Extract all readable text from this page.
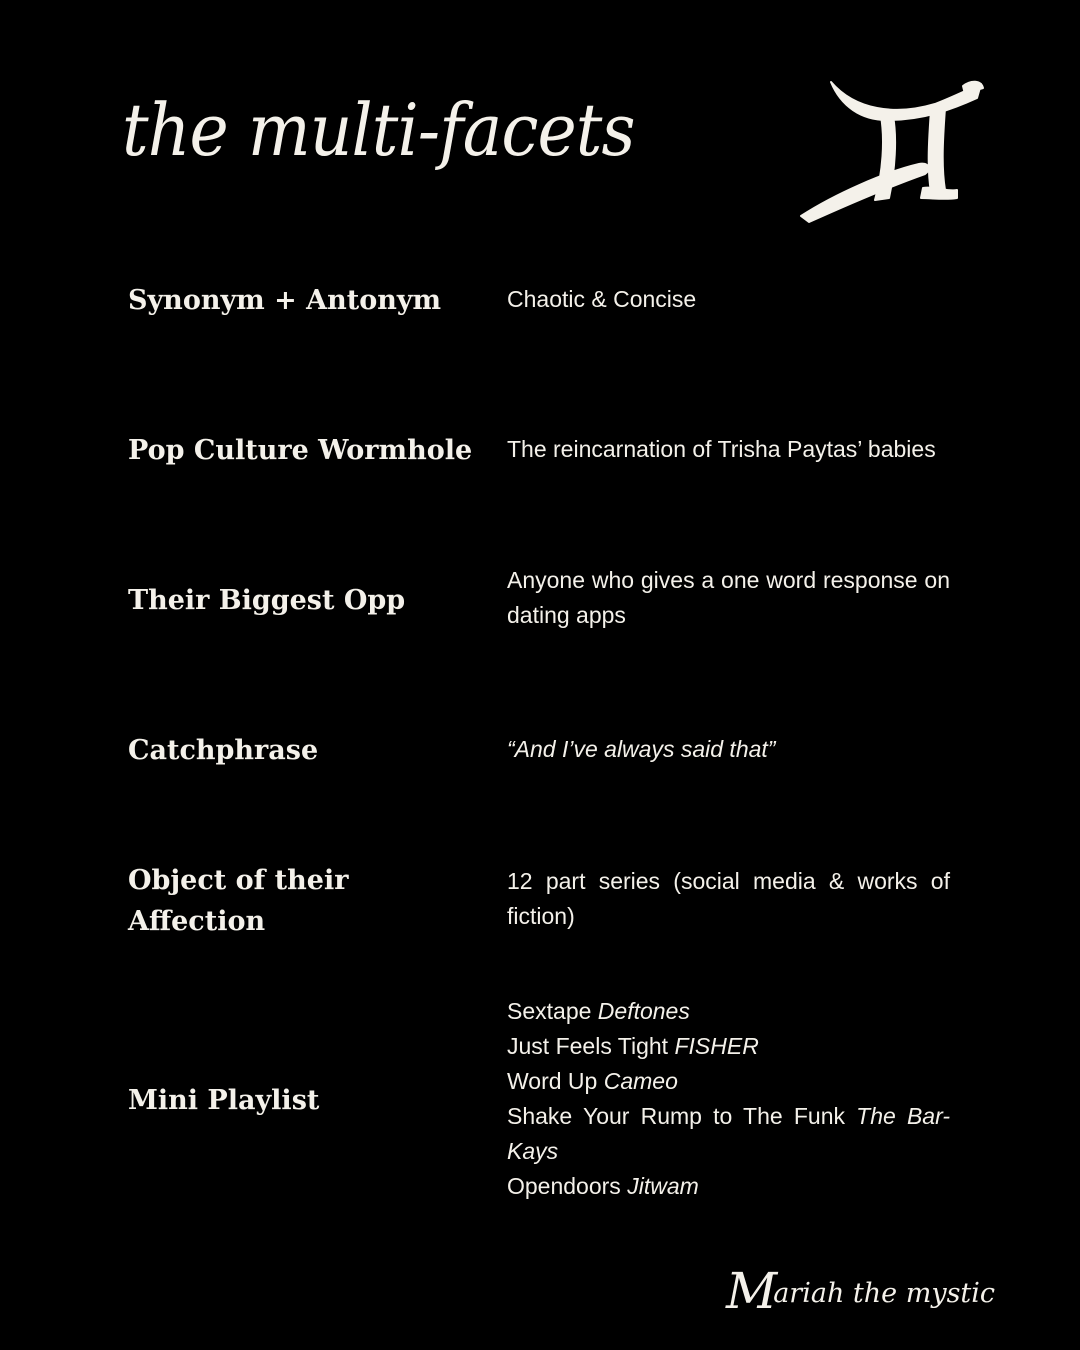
the multi-facets
Synonym + Antonym	Chaotic & Concise
Pop Culture Wormhole The reincarnation of Trisha Paytas’ babies
Their Biggest Opp
Anyone who gives a one word response on dating apps
Catchphrase	“And I’ve always said that”
Object of their Affection
12 part series (social media & works of fiction)
Mini Playlist
Sextape Deftones
Just Feels Tight FISHER
Word Up Cameo
Shake Your Rump to The Funk The Bar-Kays
Opendoors Jitwam
Mariah the mystic
